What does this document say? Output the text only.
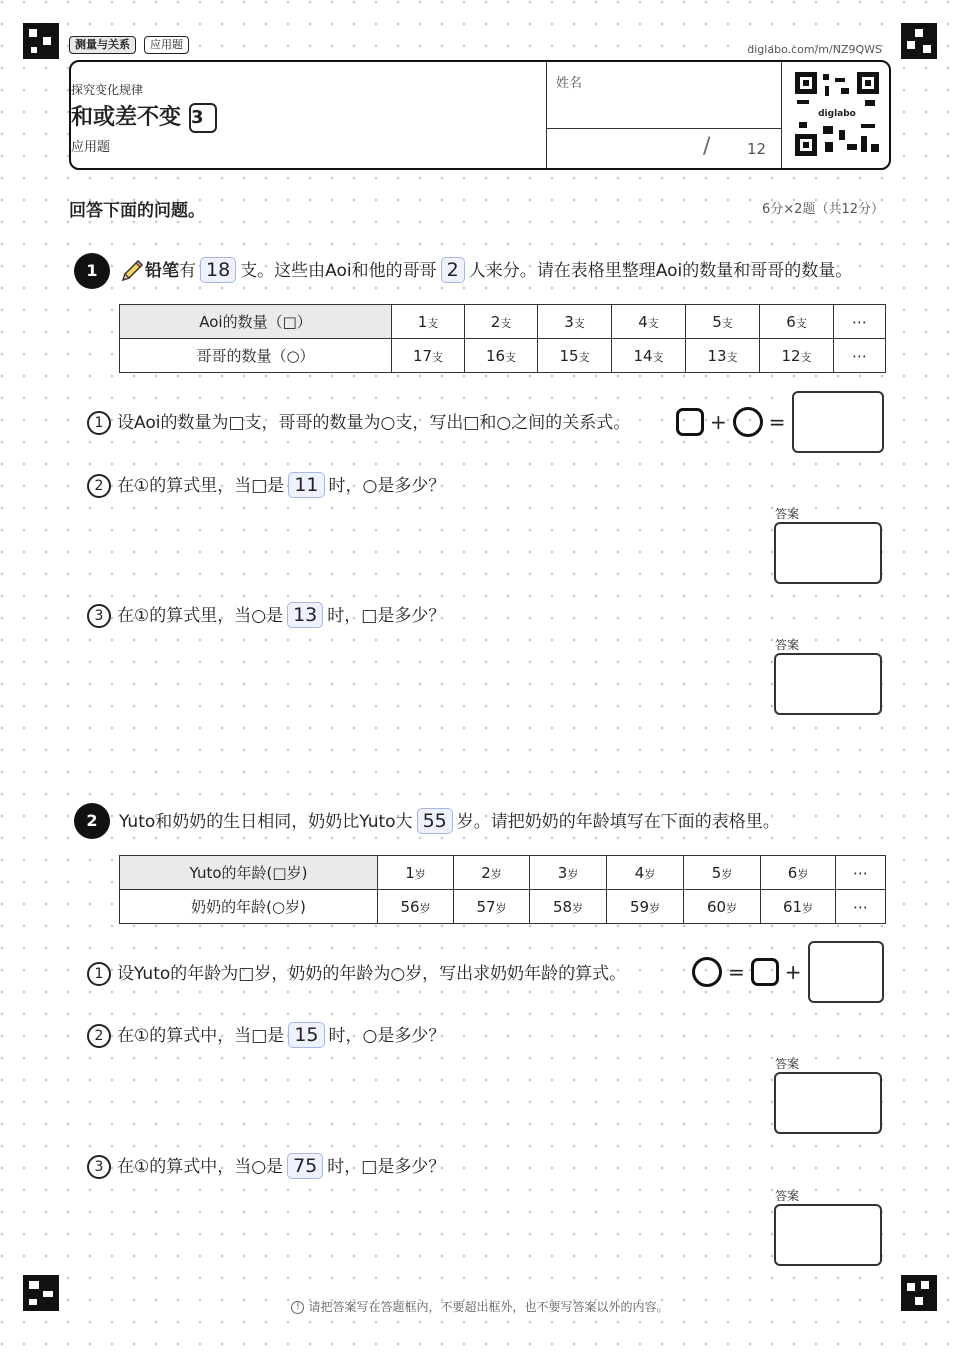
测量与关系	应用题	diglabo.com/m/NZ9QWS
探究变化规律
和或差不变 3
应用题
姓名
/ 12
diglabo
回答下面的问题。	6分×2题（共12分）
1	铅笔有 18 支。这些由Aoi和他的哥哥 2 人来分。请在表格里整理Aoi的数量和哥哥的数量。
Aoi的数量（□）	1支	2支	3支	4支	5支	6支	⋯
哥哥的数量（○）	17支	16支	15支	14支	13支	12支	⋯
1 设Aoi的数量为□支，哥哥的数量为○支，写出□和○之间的关系式。	+ =
2 在①的算式里，当□是 11 时，○是多少？
答案
3 在①的算式里，当○是 13 时，□是多少？
答案
2	Yuto和奶奶的生日相同，奶奶比Yuto大 55 岁。请把奶奶的年龄填写在下面的表格里。
Yuto的年龄(□岁)	1岁	2岁	3岁	4岁	5岁	6岁	⋯
奶奶的年龄(○岁)	56岁	57岁	58岁	59岁	60岁	61岁	⋯
1 设Yuto的年龄为□岁，奶奶的年龄为○岁，写出求奶奶年龄的算式。	= +
2 在①的算式中，当□是 15 时，○是多少？
答案
3 在①的算式中，当○是 75 时，□是多少？
答案
! 请把答案写在答题框内，不要超出框外，也不要写答案以外的内容。
